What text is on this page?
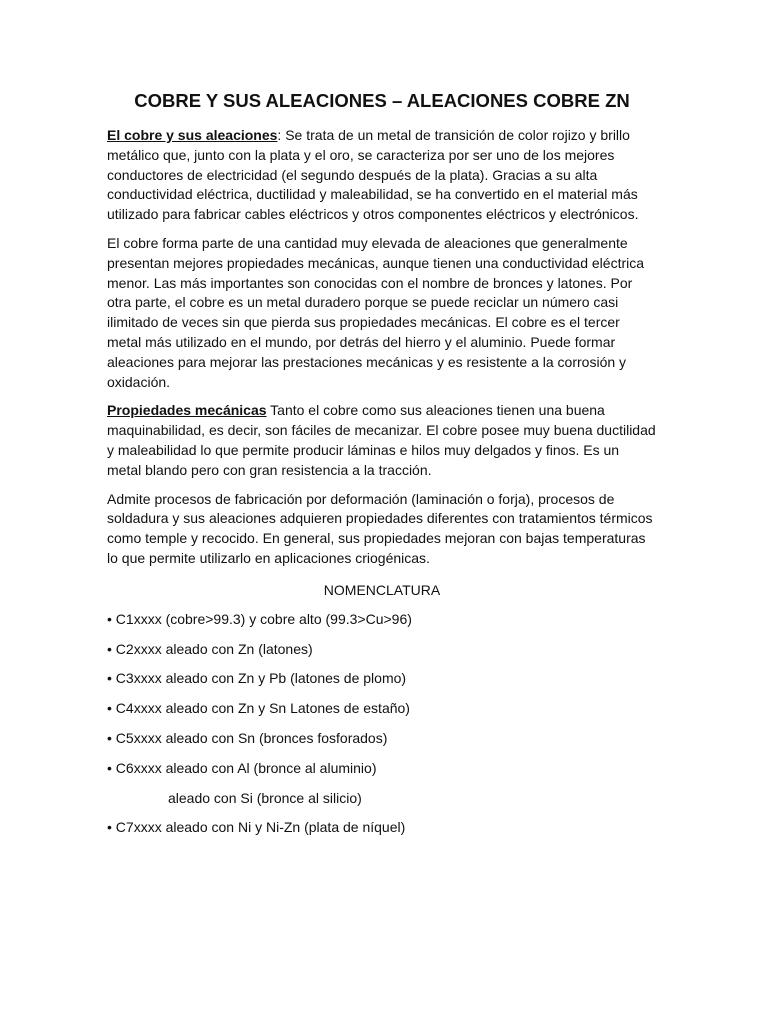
COBRE Y SUS ALEACIONES – ALEACIONES COBRE ZN

El cobre y sus aleaciones: Se trata de un metal de transición de color rojizo y brillo metálico que, junto con la plata y el oro, se caracteriza por ser uno de los mejores conductores de electricidad (el segundo después de la plata). Gracias a su alta conductividad eléctrica, ductilidad y maleabilidad, se ha convertido en el material más utilizado para fabricar cables eléctricos y otros componentes eléctricos y electrónicos.

El cobre forma parte de una cantidad muy elevada de aleaciones que generalmente presentan mejores propiedades mecánicas, aunque tienen una conductividad eléctrica menor. Las más importantes son conocidas con el nombre de bronces y latones. Por otra parte, el cobre es un metal duradero porque se puede reciclar un número casi ilimitado de veces sin que pierda sus propiedades mecánicas. El cobre es el tercer metal más utilizado en el mundo, por detrás del hierro y el aluminio. Puede formar aleaciones para mejorar las prestaciones mecánicas y es resistente a la corrosión y oxidación.

Propiedades mecánicas Tanto el cobre como sus aleaciones tienen una buena maquinabilidad, es decir, son fáciles de mecanizar. El cobre posee muy buena ductilidad y maleabilidad lo que permite producir láminas e hilos muy delgados y finos. Es un metal blando pero con gran resistencia a la tracción.

Admite procesos de fabricación por deformación (laminación o forja), procesos de soldadura y sus aleaciones adquieren propiedades diferentes con tratamientos térmicos como temple y recocido. En general, sus propiedades mejoran con bajas temperaturas lo que permite utilizarlo en aplicaciones criogénicas.

NOMENCLATURA
• C1xxxx (cobre>99.3) y cobre alto (99.3>Cu>96)
• C2xxxx aleado con Zn (latones)
• C3xxxx aleado con Zn y Pb (latones de plomo)
• C4xxxx aleado con Zn y Sn Latones de estaño)
• C5xxxx aleado con Sn (bronces fosforados)
• C6xxxx aleado con Al (bronce al aluminio)
aleado con Si (bronce al silicio)
• C7xxxx aleado con Ni y Ni-Zn (plata de níquel)
